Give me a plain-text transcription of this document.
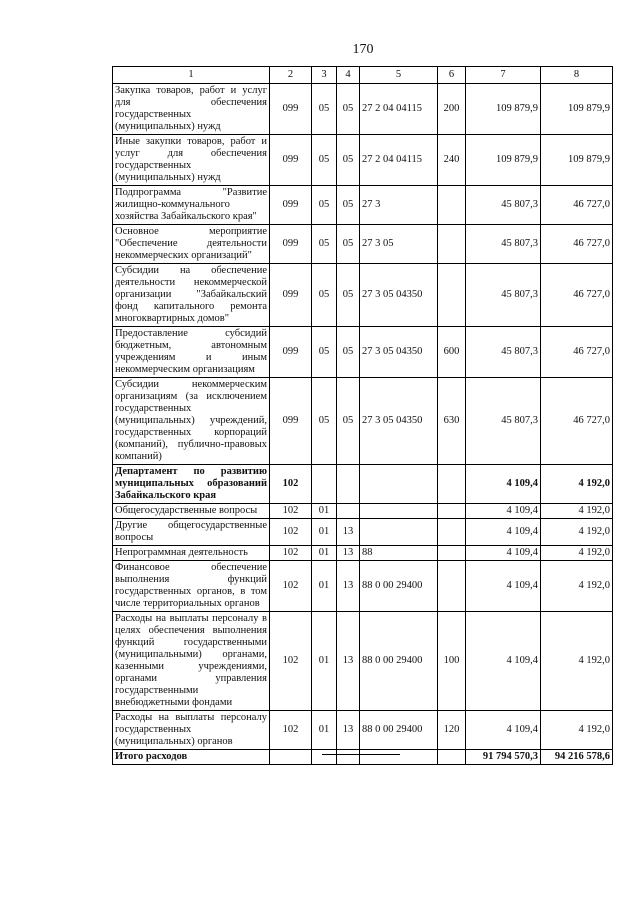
170
1	2	3	4	5	6	7	8
Закупка товаров, работ и услуг для обеспечения государственных (муниципальных) нужд	099	05	05	27 2 04 04115	200	109 879,9	109 879,9
Иные закупки товаров, работ и услуг для обеспечения государственных (муниципальных) нужд	099	05	05	27 2 04 04115	240	109 879,9	109 879,9
Подпрограмма "Развитие жилищно-коммунального хозяйства Забайкальского края"	099	05	05	27 3		45 807,3	46 727,0
Основное мероприятие "Обеспечение деятельности некоммерческих организаций"	099	05	05	27 3 05		45 807,3	46 727,0
Субсидии на обеспечение деятельности некоммерческой организации "Забайкальский фонд капитального ремонта многоквартирных домов"	099	05	05	27 3 05 04350		45 807,3	46 727,0
Предоставление субсидий бюджетным, автономным учреждениям и иным некоммерческим организациям	099	05	05	27 3 05 04350	600	45 807,3	46 727,0
Субсидии некоммерческим организациям (за исключением государственных (муниципальных) учреждений, государственных корпораций (компаний), публично-правовых компаний)	099	05	05	27 3 05 04350	630	45 807,3	46 727,0
Департамент по развитию муниципальных образований Забайкальского края	102					4 109,4	4 192,0
Общегосударственные вопросы	102	01				4 109,4	4 192,0
Другие общегосударственные вопросы	102	01	13			4 109,4	4 192,0
Непрограммная деятельность	102	01	13	88		4 109,4	4 192,0
Финансовое обеспечение выполнения функций государственных органов, в том числе территориальных органов	102	01	13	88 0 00 29400		4 109,4	4 192,0
Расходы на выплаты персоналу в целях обеспечения выполнения функций государственными (муниципальными) органами, казенными учреждениями, органами управления государственными внебюджетными фондами	102	01	13	88 0 00 29400	100	4 109,4	4 192,0
Расходы на выплаты персоналу государственных (муниципальных) органов	102	01	13	88 0 00 29400	120	4 109,4	4 192,0
Итого расходов						91 794 570,3	94 216 578,6
